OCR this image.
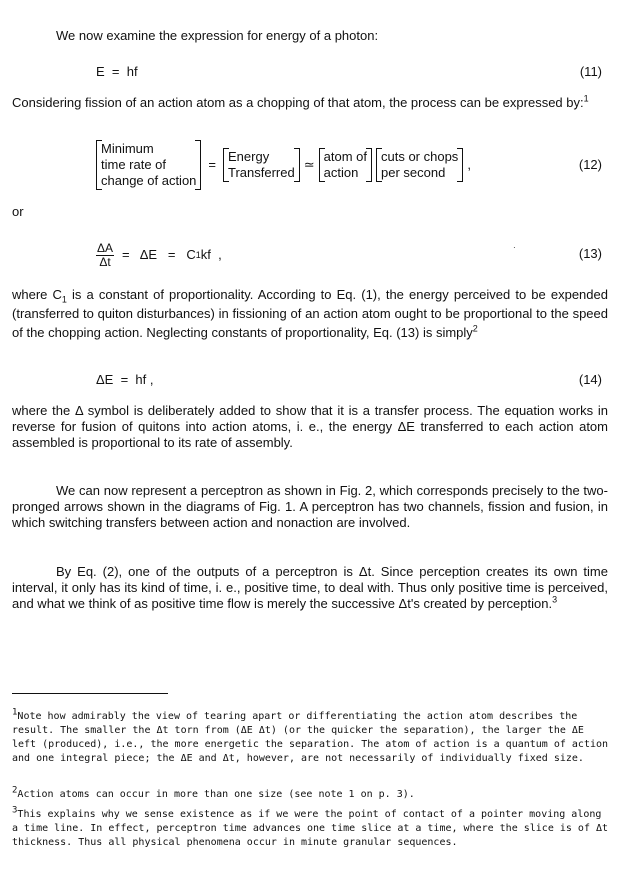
We now examine the expression for energy of a photon:

E  =  hf	(11)

Considering fission of an action atom as a chopping of that atom, the process can be expressed by:$^1$

Minimum
time rate of
change of action
=
Energy
Transferred
≃
atom of
action
cuts or chops
per second
,	(12)

or

$\frac{\Delta A}{\Delta t} = \Delta E = C$ 1 kf  ,	(13)
·

where $C_1$ is a constant of proportionality. According to Eq. (1), the energy perceived to be expended (transferred to quiton disturbances) in fissioning of an action atom ought to be proportional to the speed of the chopping action. Neglecting constants of proportionality, Eq. (13) is simply$^2$

ΔE  =  hf ,	(14)

where the Δ symbol is deliberately added to show that it is a transfer process. The equation works in reverse for fusion of quitons into action atoms, i. e., the energy ΔE transferred to each action atom assembled is proportional to its rate of assembly.

We can now represent a perceptron as shown in Fig. 2, which corresponds precisely to the two-pronged arrows shown in the diagrams of Fig. 1. A perceptron has two channels, fission and fusion, in which switching transfers between action and nonaction are involved.

By Eq. (2), one of the outputs of a perceptron is Δt. Since perception creates its own time interval, it only has its kind of time, i. e., positive time, to deal with. Thus only positive time is perceived, and what we think of as positive time flow is merely the successive Δt's created by perception.$^3$

$^1$Note how admirably the view of tearing apart or differentiating the action atom describes the result. The smaller the Δt torn from (ΔE Δt) (or the quicker the separation), the larger the ΔE left (produced), i.e., the more energetic the separation. The atom of action is a quantum of action and one integral piece; the ΔE and Δt, however, are not necessarily of individually fixed size.

$^2$Action atoms can occur in more than one size (see note 1 on p. 3).

$^3$This explains why we sense existence as if we were the point of contact of a pointer moving along a time line. In effect, perceptron time advances one time slice at a time, where the slice is of Δt thickness. Thus all physical phenomena occur in minute granular sequences.
